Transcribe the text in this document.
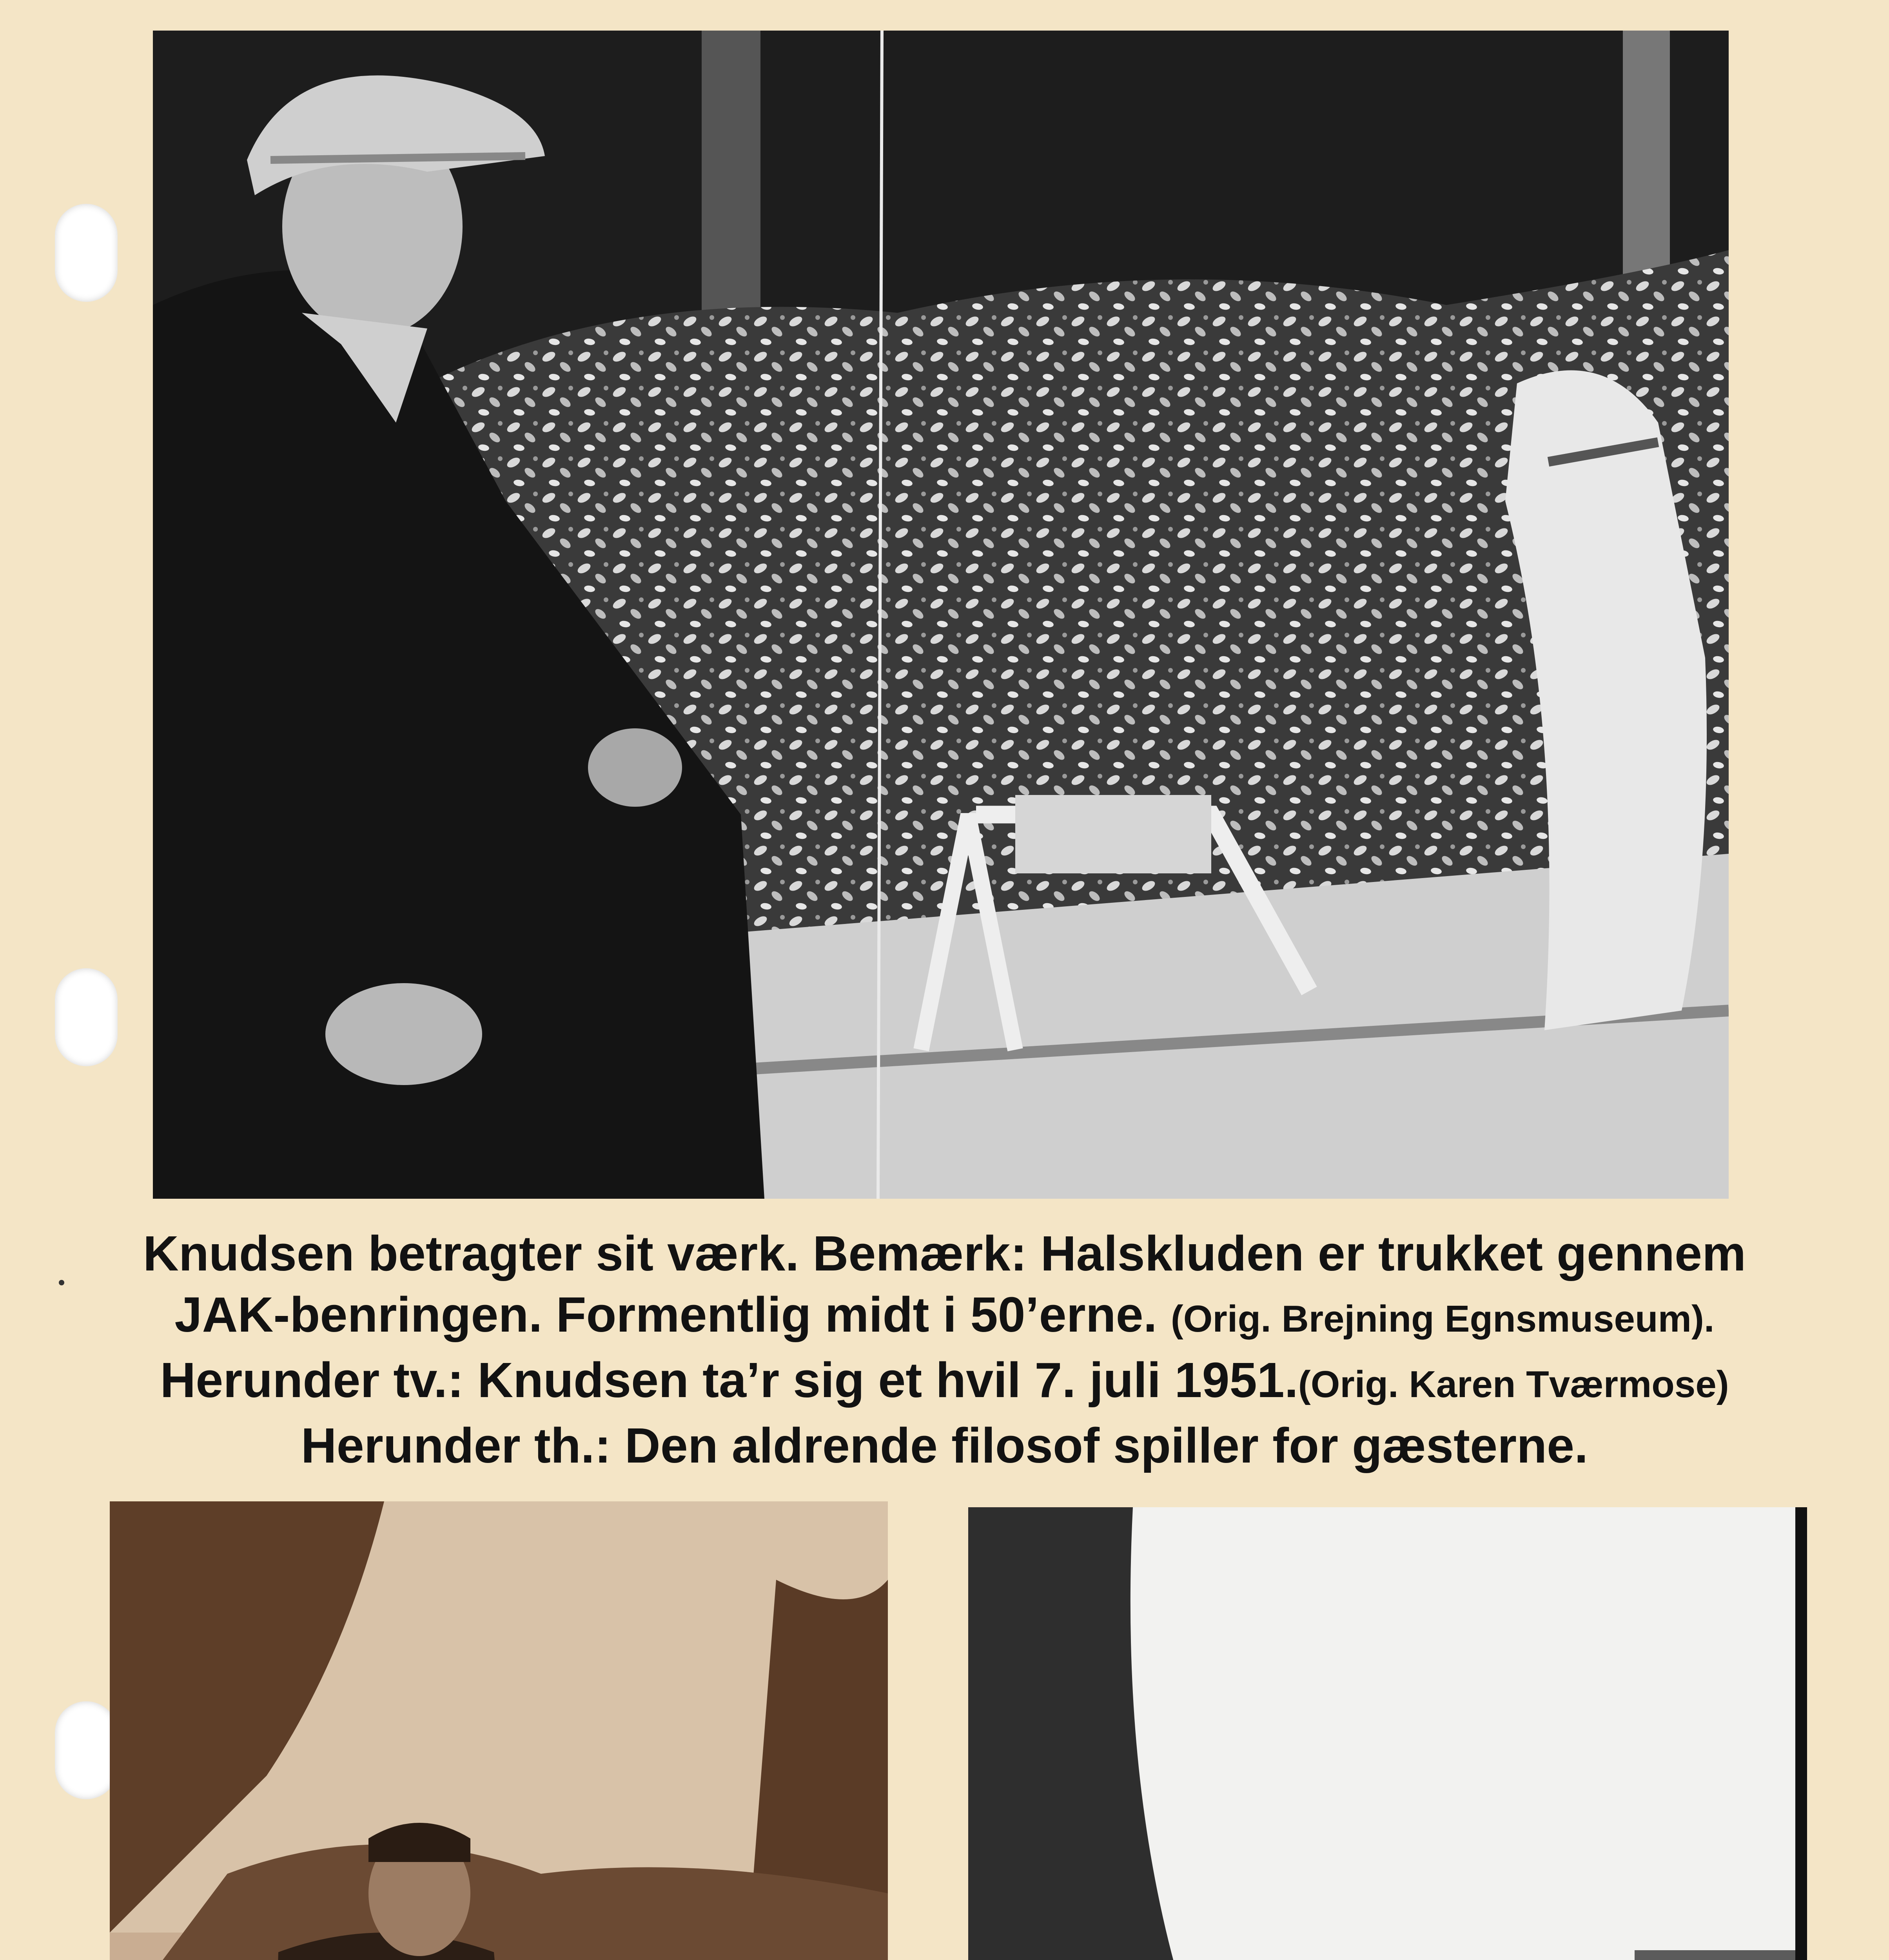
Knudsen betragter sit værk. Bemærk: Halskluden er trukket gennem
JAK-benringen. Formentlig midt i 50’erne. (Orig. Brejning Egnsmuseum).
Herunder tv.: Knudsen ta’r sig et hvil 7. juli 1951.(Orig. Karen Tværmose)
Herunder th.: Den aldrende filosof spiller for gæsterne.
